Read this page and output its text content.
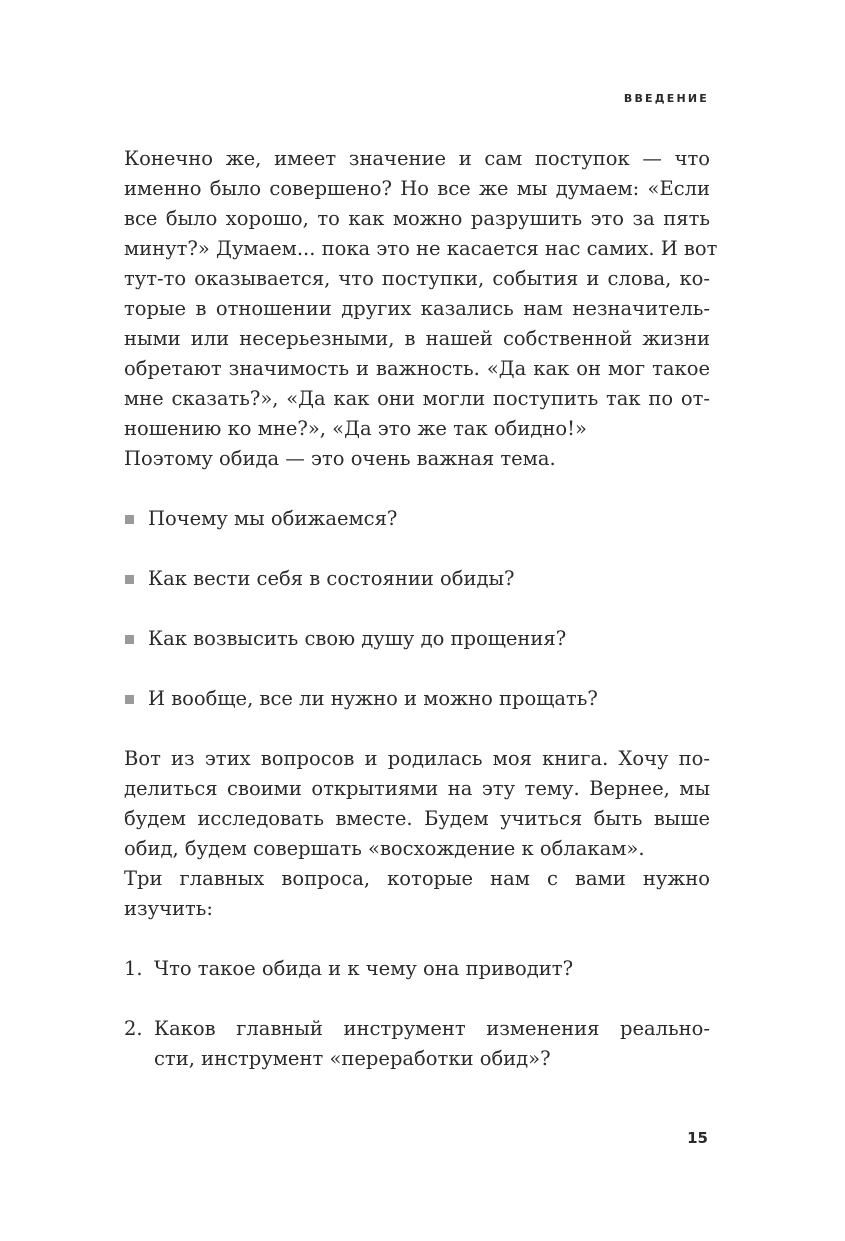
ВВЕДЕНИЕ
15
Конечно же, имеет значение и сам поступок — что
именно было совершено? Но все же мы думаем: «Если
все было хорошо, то как можно разрушить это за пять
минут?» Думаем... пока это не касается нас самих. И вот
тут-то оказывается, что поступки, события и слова, ко-
торые в отношении других казались нам незначитель-
ными или несерьезными, в нашей собственной жизни
обретают значимость и важность. «Да как он мог такое
мне сказать?», «Да как они могли поступить так по от-
ношению ко мне?», «Да это же так обидно!»
Поэтому обида — это очень важная тема.
Почему мы обижаемся?
Как вести себя в состоянии обиды?
Как возвысить свою душу до прощения?
И вообще, все ли нужно и можно прощать?
Вот из этих вопросов и родилась моя книга. Хочу по-
делиться своими открытиями на эту тему. Вернее, мы
будем исследовать вместе. Будем учиться быть выше
обид, будем совершать «восхождение к облакам».
Три главных вопроса, которые нам с вами нужно
изучить:
1. Что такое обида и к чему она приводит?
2. Каков главный инструмент изменения реально-
сти, инструмент «переработки обид»?
